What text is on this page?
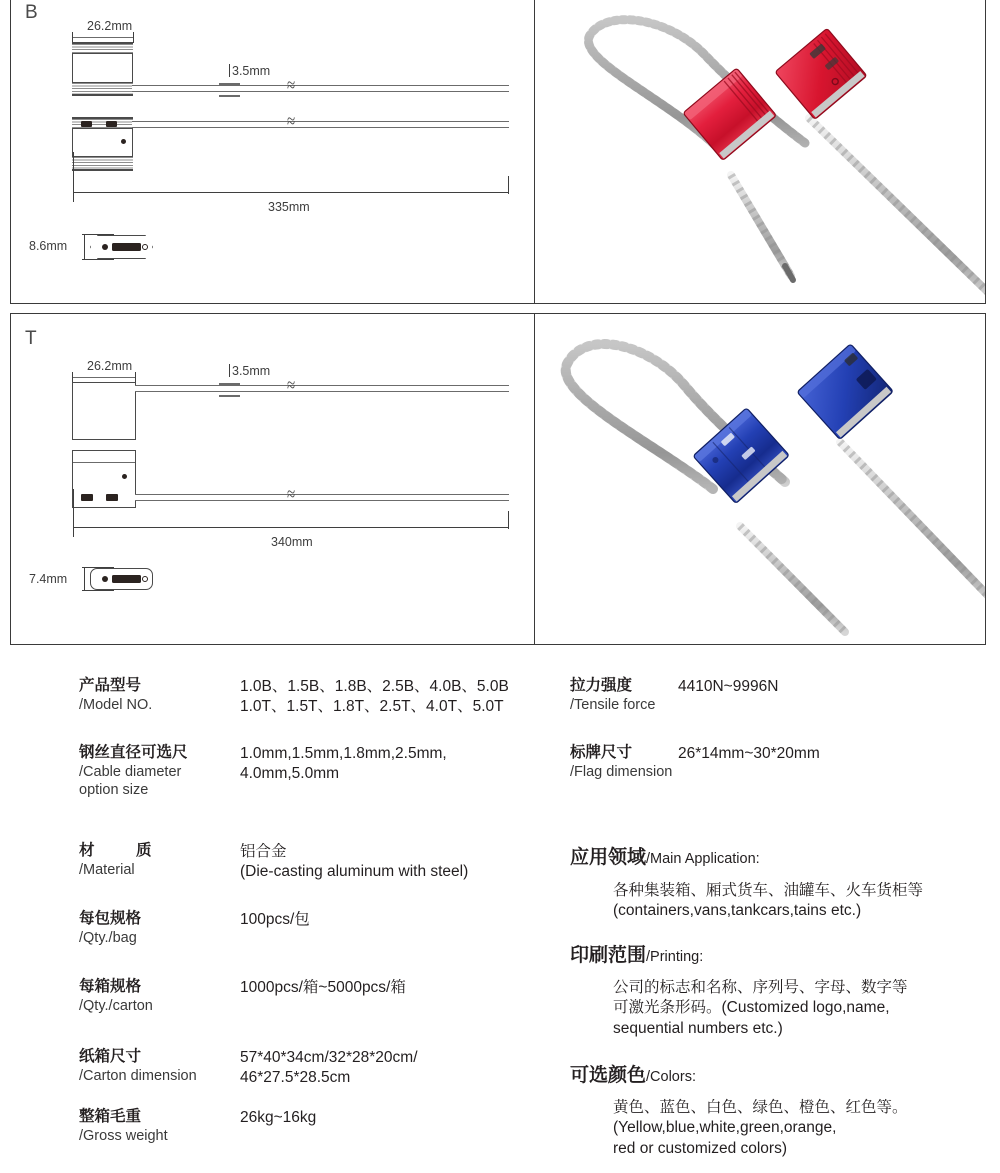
B
26.2mm
≈
3.5mm
≈
335mm
8.6mm
T
26.2mm
≈
3.5mm
≈
340mm
7.4mm
产品型号
/Model NO.
1.0B、1.5B、1.8B、2.5B、4.0B、5.0B
1.0T、1.5T、1.8T、2.5T、4.0T、5.0T
钢丝直径可选尺
/Cable diameter
option size
1.0mm,1.5mm,1.8mm,2.5mm,
4.0mm,5.0mm
材　质
/Material
铝合金
(Die-casting aluminum with steel)
每包规格
/Qty./bag
100pcs/包
每箱规格
/Qty./carton
1000pcs/箱~5000pcs/箱
纸箱尺寸
/Carton dimension
57*40*34cm/32*28*20cm/
46*27.5*28.5cm
整箱毛重
/Gross weight
26kg~16kg
拉力强度
/Tensile force
4410N~9996N
标牌尺寸
/Flag dimension
26*14mm~30*20mm
应用领域/Main Application:
各种集装箱、厢式货车、油罐车、火车货柜等
(containers,vans,tankcars,tains etc.)
印刷范围/Printing:
公司的标志和名称、序列号、字母、数字等
可激光条形码。(Customized logo,name,
sequential numbers etc.)
可选颜色/Colors:
黄色、蓝色、白色、绿色、橙色、红色等。
(Yellow,blue,white,green,orange,
red or customized colors)
